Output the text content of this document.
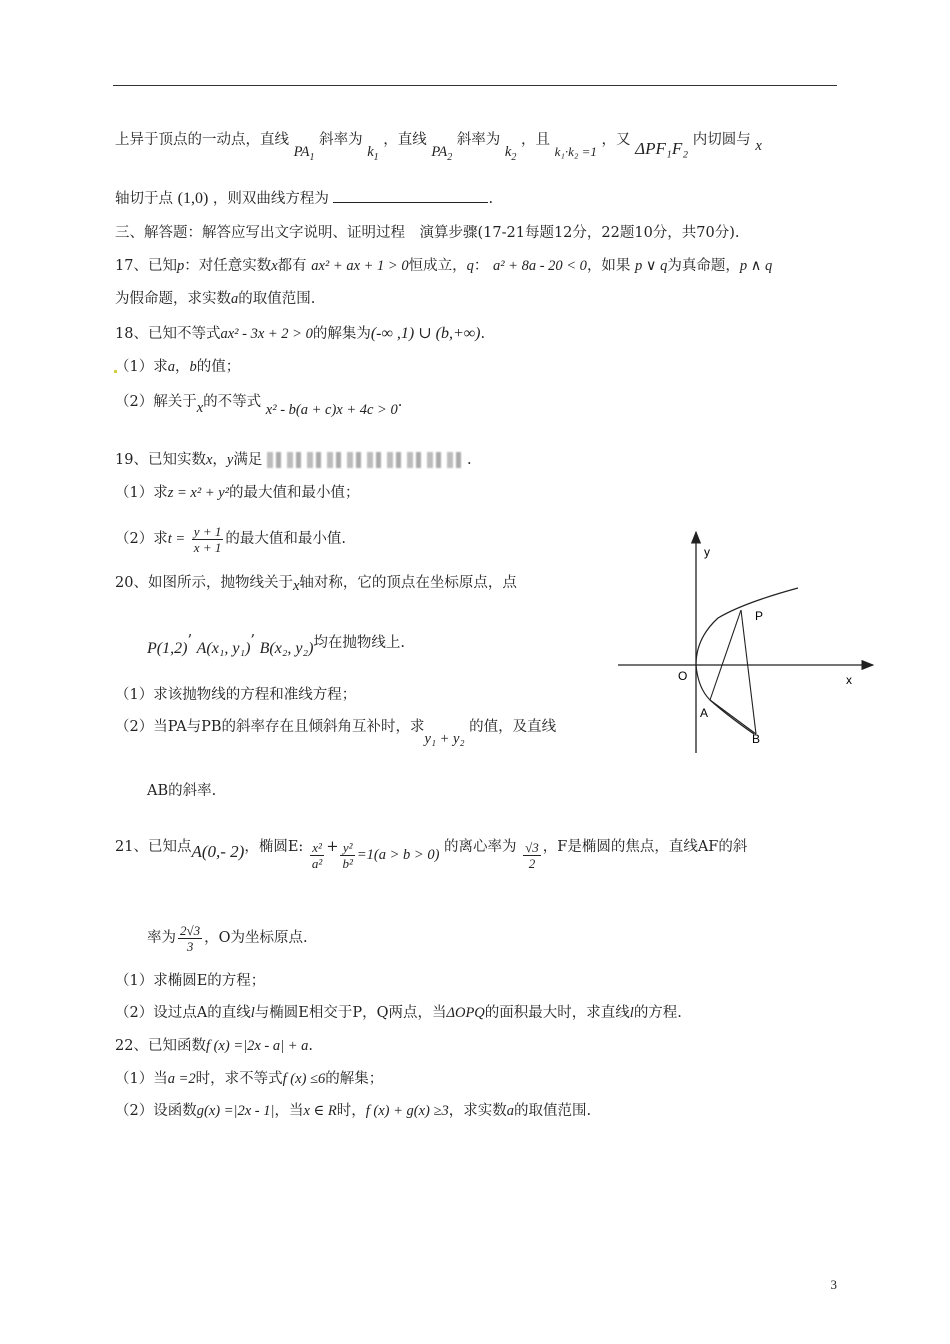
上异于顶点的一动点，直线 $PA_1$ 斜率为 $k_1$ ，直线 $PA_2$ 斜率为 $k_2$ ，且 k₁·k₂ =1 ，又 ΔPF₁F₂ 内切圆与 x
轴切于点 (1,0) ，则双曲线方程为	.
三、解答题：解答应写出文字说明、证明过程　演算步骤(17-21每题12分，22题10分，共70分).
17、已知p：对任意实数x都有 ax² + ax + 1 > 0恒成立，q： a² + 8a - 20 < 0，如果 p ∨ q为真命题，p ∧ q
为假命题，求实数a的取值范围.
18、已知不等式ax² - 3x + 2 > 0的解集为(-∞ ,1) ∪ (b,+∞).
（1）求a，b的值；
（2）解关于x的不等式 x² - b(a + c)x + 4c > 0.
19、已知实数x，y满足	.
（1）求z = x² + y²的最大值和最小值；
（2）求$t = \frac{y + 1}{x + 1}$ 的最大值和最小值.
20、如图所示，抛物线关于x轴对称，它的顶点在坐标原点，点
P(1,2)’ A(x₁, y₁)’ B(x₂, y₂)均在抛物线上.
（1）求该抛物线的方程和准线方程；
（2）当PA与PB的斜率存在且倾斜角互补时，求y₁ + y₂ 的值，及直线
AB的斜率.
y
x
O
P
A
B
21、已知点A(0,- 2)，椭圆E: $\frac{\text{x²}}{\text{a²}} + \frac{\text{y²}}{\text{b²}} =1(a > b > 0)$ 的离心率为 $\frac{√3}{2}$ ，F是椭圆的焦点，直线AF的斜
率为 $\frac{2√3}{3}$ ，O为坐标原点.
（1）求椭圆E的方程；
（2）设过点A的直线l与椭圆E相交于P，Q两点，当ΔOPQ的面积最大时，求直线l的方程.
22、已知函数f (x) =|2x - a| + a.
（1）当a =2时，求不等式f (x) ≤6的解集；
（2）设函数g(x) =|2x - 1|，当x ∈ R时，f (x) + g(x) ≥3，求实数a的取值范围.
3
